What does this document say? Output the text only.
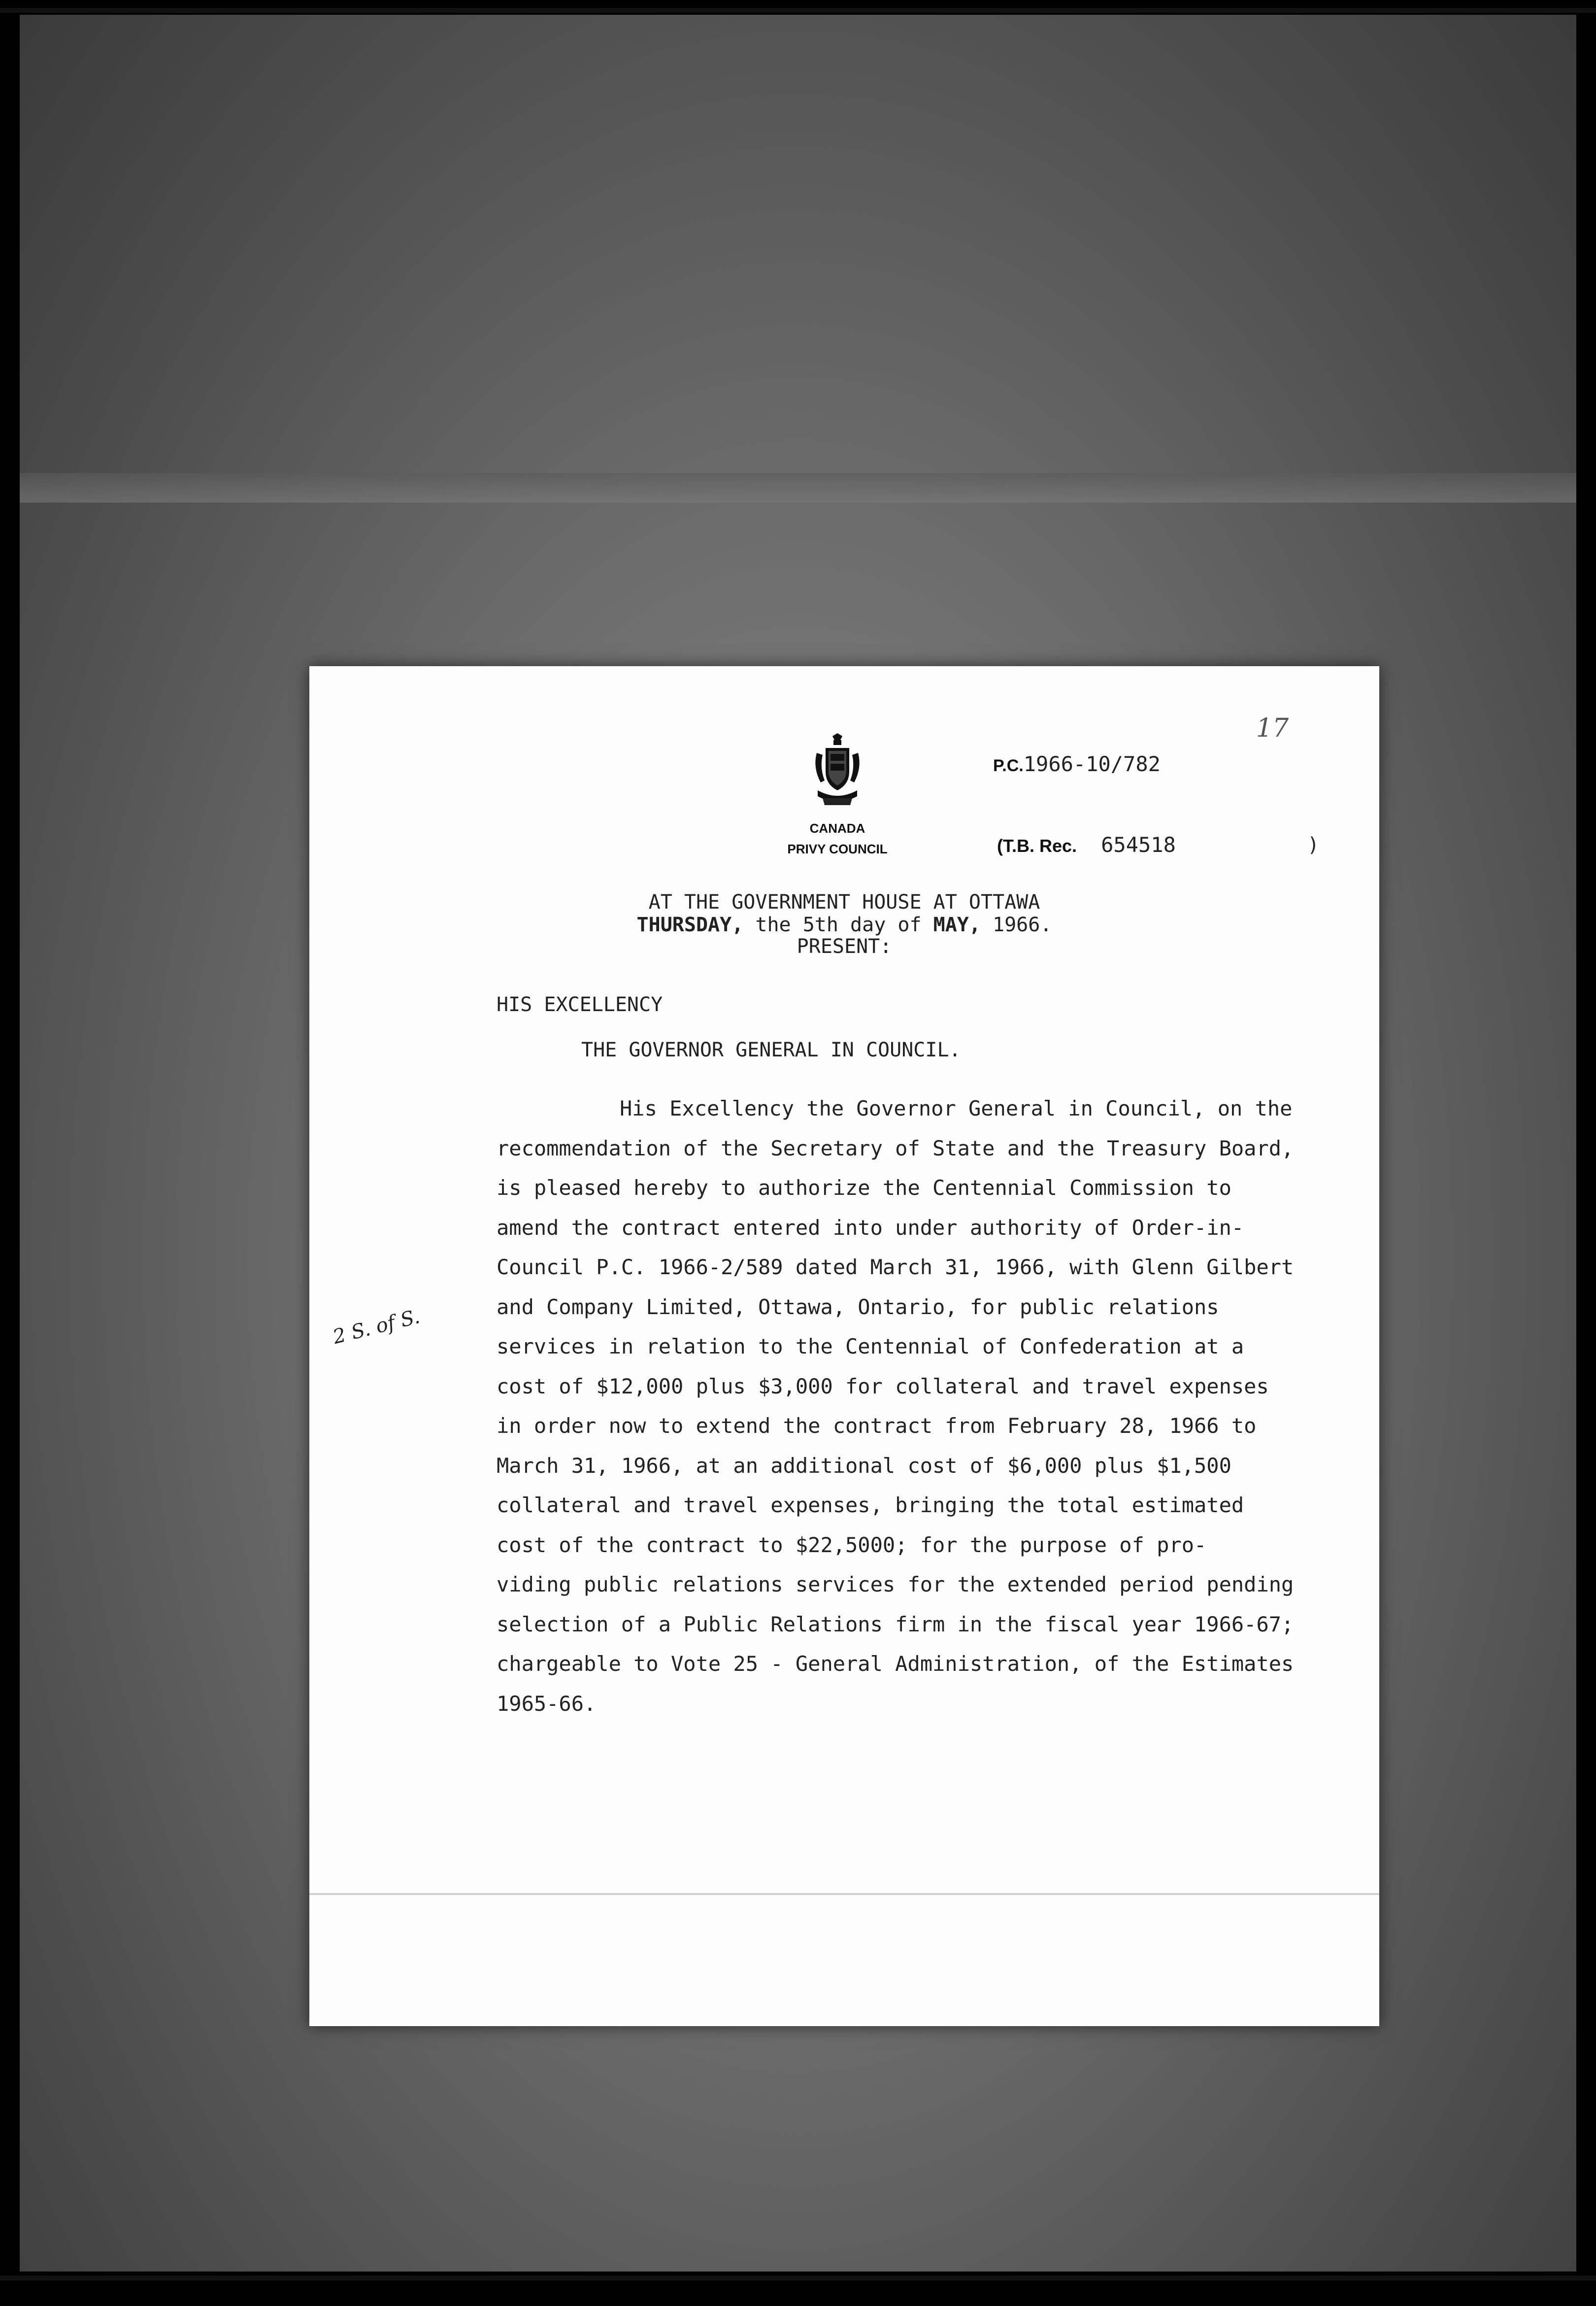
17
CANADA
PRIVY COUNCIL
P.C.1966-10/782
(T.B. Rec. 654518	)
AT THE GOVERNMENT HOUSE AT OTTAWA
THURSDAY, the 5th day of MAY, 1966.
PRESENT:
HIS EXCELLENCY
THE GOVERNOR GENERAL IN COUNCIL.
2 S. of S.
His Excellency the Governor General in Council, on the
recommendation of the Secretary of State and the Treasury Board,
is pleased hereby to authorize the Centennial Commission to
amend the contract entered into under authority of Order-in-
Council P.C. 1966-2/589 dated March 31, 1966, with Glenn Gilbert
and Company Limited, Ottawa, Ontario, for public relations
services in relation to the Centennial of Confederation at a
cost of $12,000 plus $3,000 for collateral and travel expenses
in order now to extend the contract from February 28, 1966 to
March 31, 1966, at an additional cost of $6,000 plus $1,500
collateral and travel expenses, bringing the total estimated
cost of the contract to $22,5000; for the purpose of pro-
viding public relations services for the extended period pending
selection of a Public Relations firm in the fiscal year 1966-67;
chargeable to Vote 25 - General Administration, of the Estimates
1965-66.
